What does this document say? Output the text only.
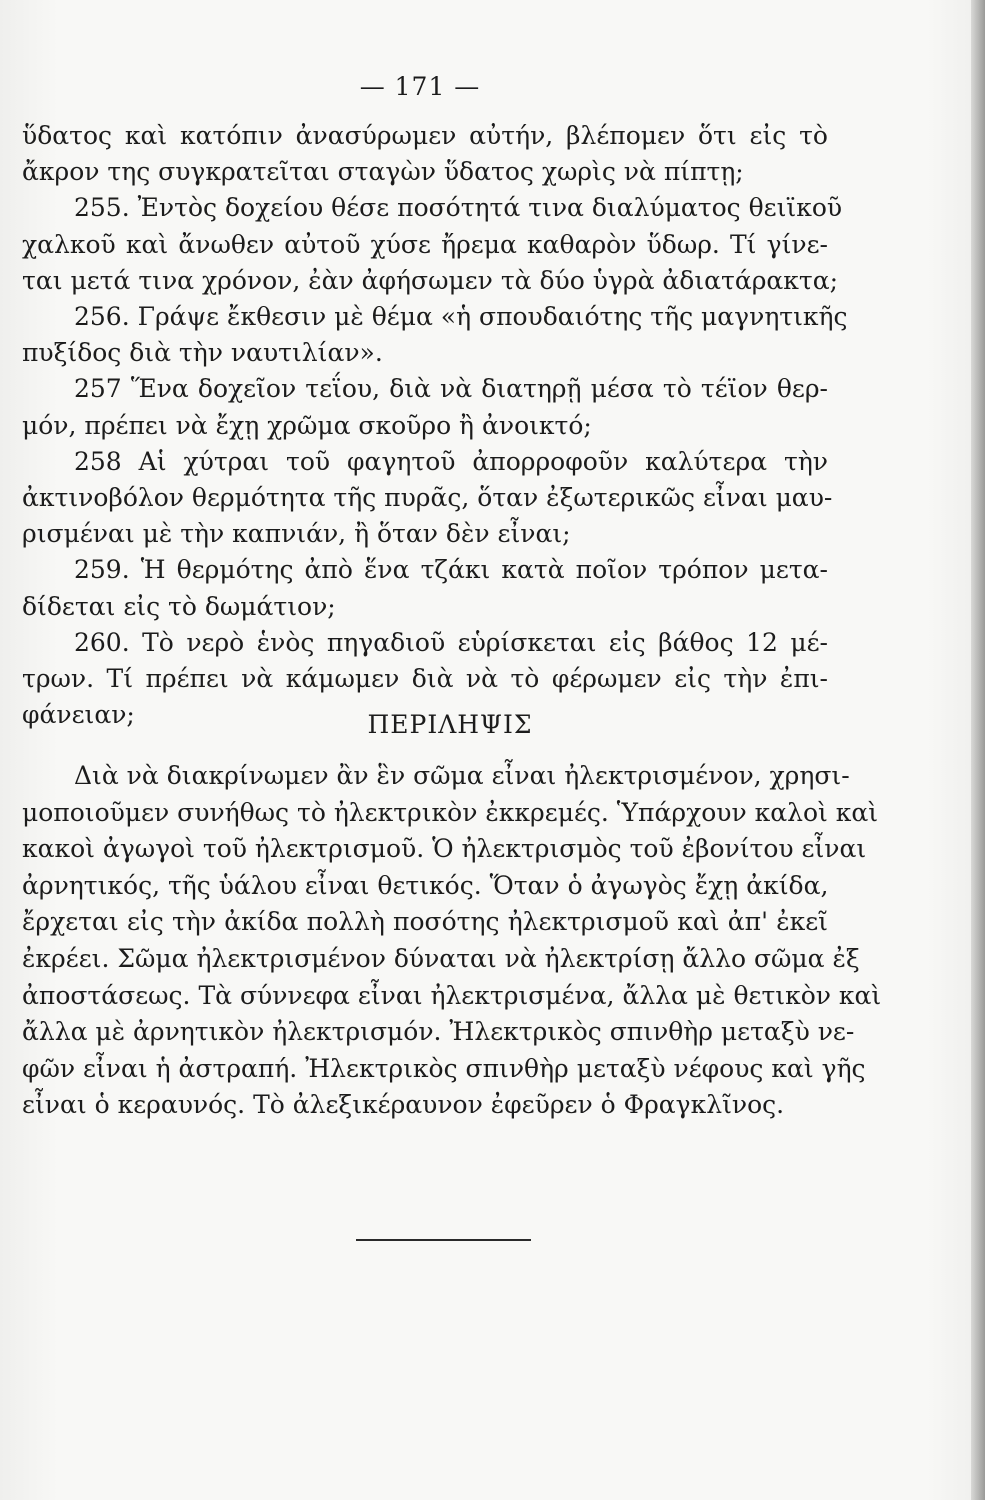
— 171 —
ὕδατος καὶ κατόπιν ἀνασύρωμεν αὐτήν, βλέπομεν ὅτι εἰς τὸ
ἄκρον της συγκρατεῖται σταγὼν ὕδατος χωρὶς νὰ πίπτῃ;
255. Ἐντὸς δοχείου θέσε ποσότητά τινα διαλύματος θειϊκοῦ
χαλκοῦ καὶ ἄνωθεν αὐτοῦ χύσε ἤρεμα καθαρὸν ὕδωρ. Τί γίνε-
ται μετά τινα χρόνον, ἐὰν ἀφήσωμεν τὰ δύο ὑγρὰ ἀδιατάρακτα;
256. Γράψε ἔκθεσιν μὲ θέμα «ἡ σπουδαιότης τῆς μαγνητικῆς
πυξίδος διὰ τὴν ναυτιλίαν».
257 Ἕνα δοχεῖον τεΐου, διὰ νὰ διατηρῇ μέσα τὸ τέϊον θερ-
μόν, πρέπει νὰ ἔχῃ χρῶμα σκοῦρο ἢ ἀνοικτό;
258 Αἱ χύτραι τοῦ φαγητοῦ ἀπορροφοῦν καλύτερα τὴν
ἀκτινοβόλον θερμότητα τῆς πυρᾶς, ὅταν ἐξωτερικῶς εἶναι μαυ-
ρισμέναι μὲ τὴν καπνιάν, ἢ ὅταν δὲν εἶναι;
259. Ἡ θερμότης ἀπὸ ἕνα τζάκι κατὰ ποῖον τρόπον μετα-
δίδεται εἰς τὸ δωμάτιον;
260. Τὸ νερὸ ἑνὸς πηγαδιοῦ εὑρίσκεται εἰς βάθος 12 μέ-
τρων. Τί πρέπει νὰ κάμωμεν διὰ νὰ τὸ φέρωμεν εἰς τὴν ἐπι-
φάνειαν;	ΠΕΡΙΛΗΨΙΣ
Διὰ νὰ διακρίνωμεν ἂν ἓν σῶμα εἶναι ἠλεκτρισμένον, χρησι-
μοποιοῦμεν συνήθως τὸ ἠλεκτρικὸν ἐκκρεμές. Ὑπάρχουν καλοὶ καὶ
κακοὶ ἀγωγοὶ τοῦ ἠλεκτρισμοῦ. Ὁ ἠλεκτρισμὸς τοῦ ἐβονίτου εἶναι
ἀρνητικός, τῆς ὑάλου εἶναι θετικός. Ὅταν ὁ ἀγωγὸς ἔχῃ ἀκίδα,
ἔρχεται εἰς τὴν ἀκίδα πολλὴ ποσότης ἠλεκτρισμοῦ καὶ ἀπ' ἐκεῖ
ἐκρέει. Σῶμα ἠλεκτρισμένον δύναται νὰ ἠλεκτρίσῃ ἄλλο σῶμα ἐξ
ἀποστάσεως. Τὰ σύννεφα εἶναι ἠλεκτρισμένα, ἄλλα μὲ θετικὸν καὶ
ἄλλα μὲ ἀρνητικὸν ἠλεκτρισμόν. Ἠλεκτρικὸς σπινθὴρ μεταξὺ νε-
φῶν εἶναι ἡ ἀστραπή. Ἠλεκτρικὸς σπινθὴρ μεταξὺ νέφους καὶ γῆς
εἶναι ὁ κεραυνός. Τὸ ἀλεξικέραυνον ἐφεῦρεν ὁ Φραγκλῖνος.
